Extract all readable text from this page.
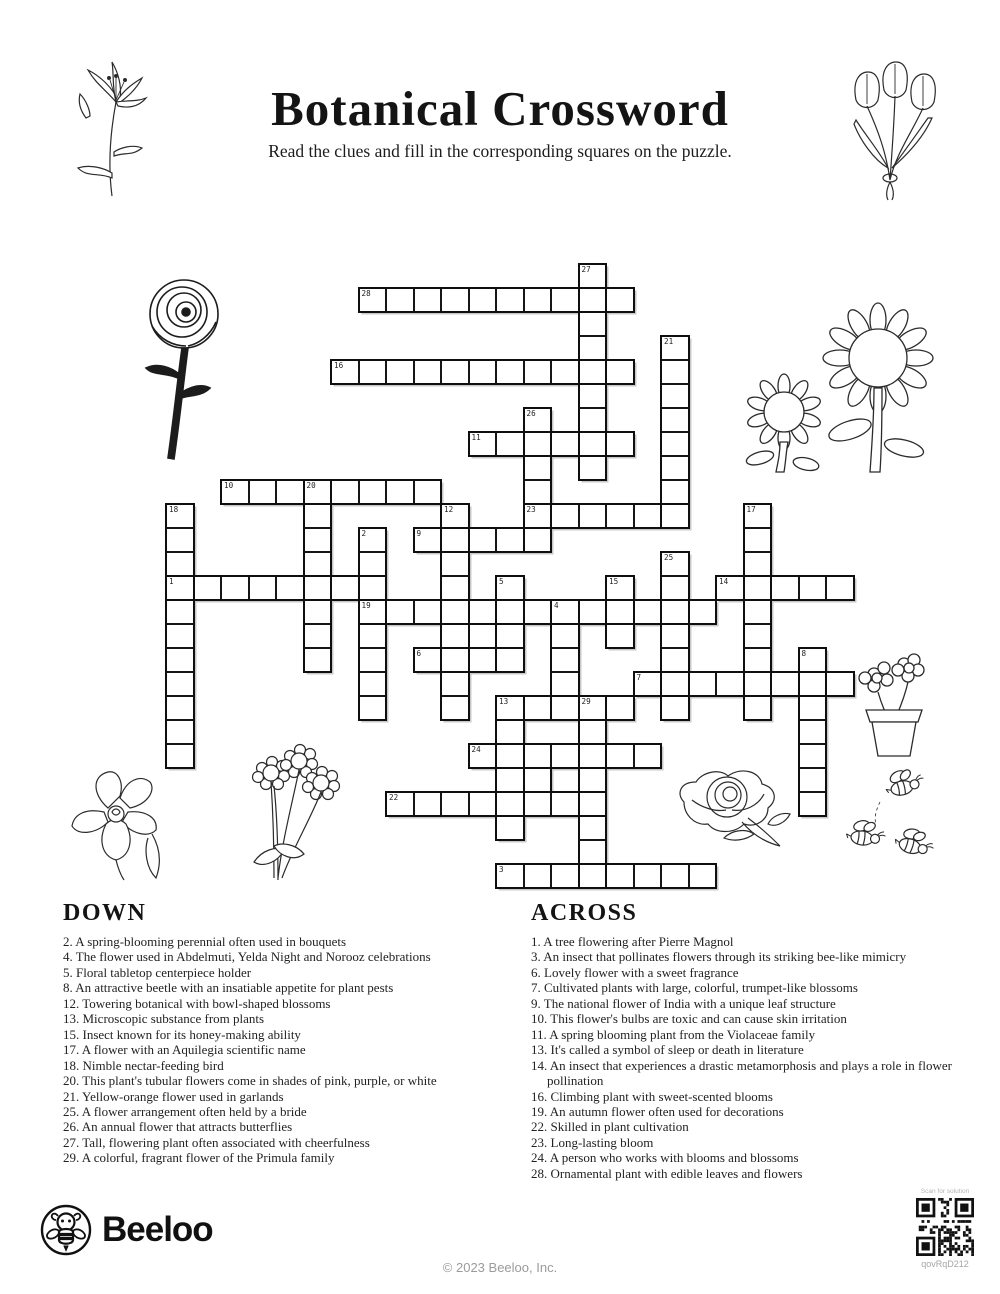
Botanical Crossword
Read the clues and fill in the corresponding squares on the puzzle.
28
16
11
10
23
9
1	14
19
6
7
13
24
22
3
27
21
26
20
18	12	17
2
25
5	15
4
8
29
DOWN
2. A spring-blooming perennial often used in bouquets
4. The flower used in Abdelmuti, Yelda Night and Norooz celebrations
5. Floral tabletop centerpiece holder
8. An attractive beetle with an insatiable appetite for plant pests
12. Towering botanical with bowl-shaped blossoms
13. Microscopic substance from plants
15. Insect known for its honey-making ability
17. A flower with an Aquilegia scientific name
18. Nimble nectar-feeding bird
20. This plant's tubular flowers come in shades of pink, purple, or white
21. Yellow-orange flower used in garlands
25. A flower arrangement often held by a bride
26. An annual flower that attracts butterflies
27. Tall, flowering plant often associated with cheerfulness
29. A colorful, fragrant flower of the Primula family
ACROSS
1. A tree flowering after Pierre Magnol
3. An insect that pollinates flowers through its striking bee-like mimicry
6. Lovely flower with a sweet fragrance
7. Cultivated plants with large, colorful, trumpet-like blossoms
9. The national flower of India with a unique leaf structure
10. This flower's bulbs are toxic and can cause skin irritation
11. A spring blooming plant from the Violaceae family
13. It's called a symbol of sleep or death in literature
14. An insect that experiences a drastic metamorphosis and plays a role in flower pollination
16. Climbing plant with sweet-scented blooms
19. An autumn flower often used for decorations
22. Skilled in plant cultivation
23. Long-lasting bloom
24. A person who works with blooms and blossoms
28. Ornamental plant with edible leaves and flowers
Beeloo
© 2023 Beeloo, Inc.
Scan for solution
qovRqD212
